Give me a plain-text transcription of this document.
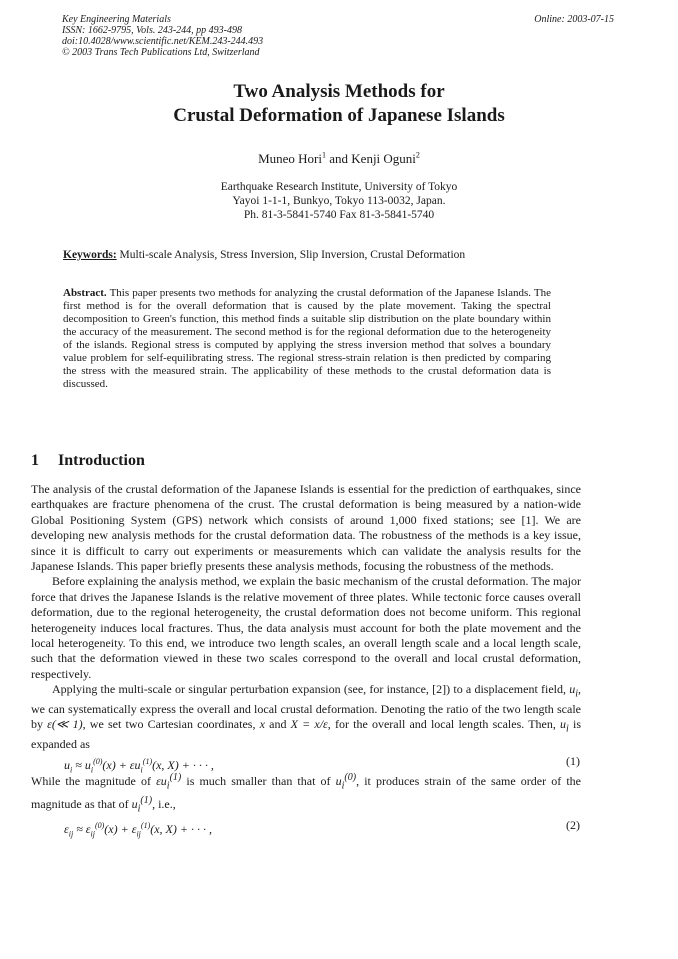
Key Engineering Materials
ISSN: 1662-9795, Vols. 243-244, pp 493-498
doi:10.4028/www.scientific.net/KEM.243-244.493
© 2003 Trans Tech Publications Ltd, Switzerland
Online: 2003-07-15
Two Analysis Methods for
Crustal Deformation of Japanese Islands
Muneo Hori$^1$ and Kenji Oguni$^2$
Earthquake Research Institute, University of Tokyo
Yayoi 1-1-1, Bunkyo, Tokyo 113-0032, Japan.
Ph. 81-3-5841-5740 Fax 81-3-5841-5740
Keywords: Multi-scale Analysis, Stress Inversion, Slip Inversion, Crustal Deformation
Abstract. This paper presents two methods for analyzing the crustal deformation of the Japanese Islands. The first method is for the overall deformation that is caused by the plate movement. Taking the spectral decomposition to Green's function, this method finds a suitable slip distribution on the plate boundary within the accuracy of the measurement. The second method is for the regional deformation due to the heterogeneity of the islands. Regional stress is computed by applying the stress inversion method that solves a boundary value problem for self-equilibrating stress. The regional stress-strain relation is then predicted by comparing the stress with the measured strain. The applicability of these methods to the crustal deformation data is discussed.
1 Introduction

The analysis of the crustal deformation of the Japanese Islands is essential for the prediction of earthquakes, since earthquakes are fracture phenomena of the crust. The crustal deformation is being measured by a nation-wide Global Positioning System (GPS) network which consists of around 1,000 fixed stations; see [1]. We are developing new analysis methods for the crustal deformation data. The robustness of the methods is a key issue, since it is difficult to carry out experiments or measurements which can validate the analysis results for the Japanese Islands. This paper briefly presents these analysis methods, focusing the robustness of the methods.

Before explaining the analysis method, we explain the basic mechanism of the crustal deformation. The major force that drives the Japanese Islands is the relative movement of three plates. While tectonic force causes overall deformation, due to the regional heterogeneity, the crustal deformation does not become uniform. This regional heterogeneity induces local fractures. Thus, the data analysis must account for both the plate movement and the local heterogeneity. To this end, we introduce two length scales, an overall length scale and a local length scale, such that the deformation viewed in these two scales correspond to the overall and local crustal deformation, respectively.

Applying the multi-scale or singular perturbation expansion (see, for instance, [2]) to a displacement field, $u_i$, we can systematically express the overall and local crustal deformation. Denoting the ratio of the two length scale by ε(≪ 1), we set two Cartesian coordinates, x and X = x/ε, for the overall and local length scales. Then, $u_i$ is expanded as

$u_i \approx u_i^{(0)}(x) + \varepsilon u_i^{(1)}(x$, X) + · · · ,	(1)

While the magnitude of $\varepsilon u_i^{(1)}$ is much smaller than that of $u_i^{(0)}$, it produces strain of the same order of the magnitude as that of $u_i^{(1)}$, i.e.,

$\varepsilon_{ij} \approx \varepsilon_{ij}^{(0)}(x) + \varepsilon_{ij}^{(1)}(x$, X) + · · · ,	(2)
